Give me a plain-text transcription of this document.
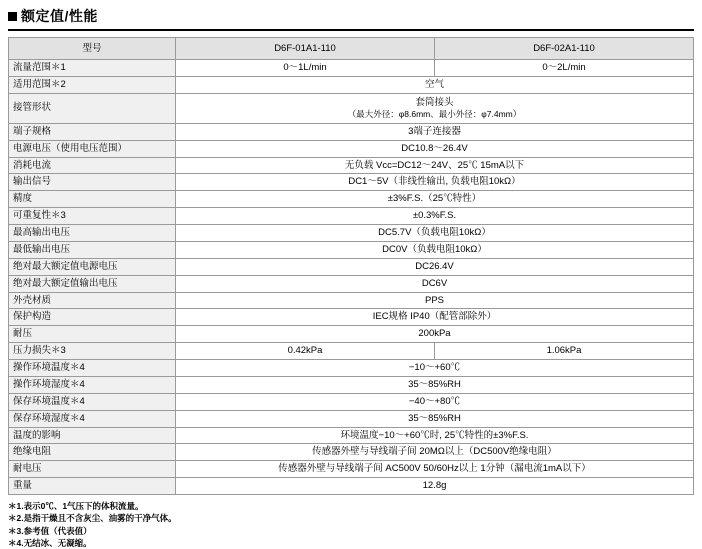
额定值/性能
型号	D6F-01A1-110	D6F-02A1-110
流量范围＊1	0～1L/min	0～2L/min
适用范围＊2	空气	
接管形状	套筒接头
（最大外径：φ8.6mm、最小外径：φ7.4mm）	

端子规格	3端子连接器	
电源电压（使用电压范围）	DC10.8～26.4V	
消耗电流	无负载 Vcc=DC12～24V、25℃ 15mA以下	
输出信号	DC1～5V（非线性输出, 负载电阻10kΩ）	
精度	±3%F.S.（25℃特性）	
可重复性＊3	±0.3%F.S.	
最高输出电压	DC5.7V（负载电阻10kΩ）	
最低输出电压	DC0V（负载电阻10kΩ）	
绝对最大额定值电源电压	DC26.4V	
绝对最大额定值输出电压	DC6V	
外壳材质	PPS	
保护构造	IEC规格 IP40（配管部除外）	
耐压	200kPa	
压力损失＊3	0.42kPa	1.06kPa
操作环境温度＊4	−10～+60℃	
操作环境湿度＊4	35～85%RH	
保存环境温度＊4	−40～+80℃	
保存环境湿度＊4	35～85%RH	
温度的影响	环境温度−10～+60℃时, 25℃特性的±3%F.S.	
绝缘电阻	传感器外壁与导线端子间 20MΩ以上（DC500V绝缘电阻）	
耐电压	传感器外壁与导线端子间 AC500V 50/60Hz以上 1分钟（漏电流1mA以下）	
重量	12.8g	
＊1.表示0℃、1气压下的体积流量。
＊2.是指干燥且不含灰尘、油雾的干净气体。
＊3.参考值（代表值）
＊4.无结冰、无凝缩。
